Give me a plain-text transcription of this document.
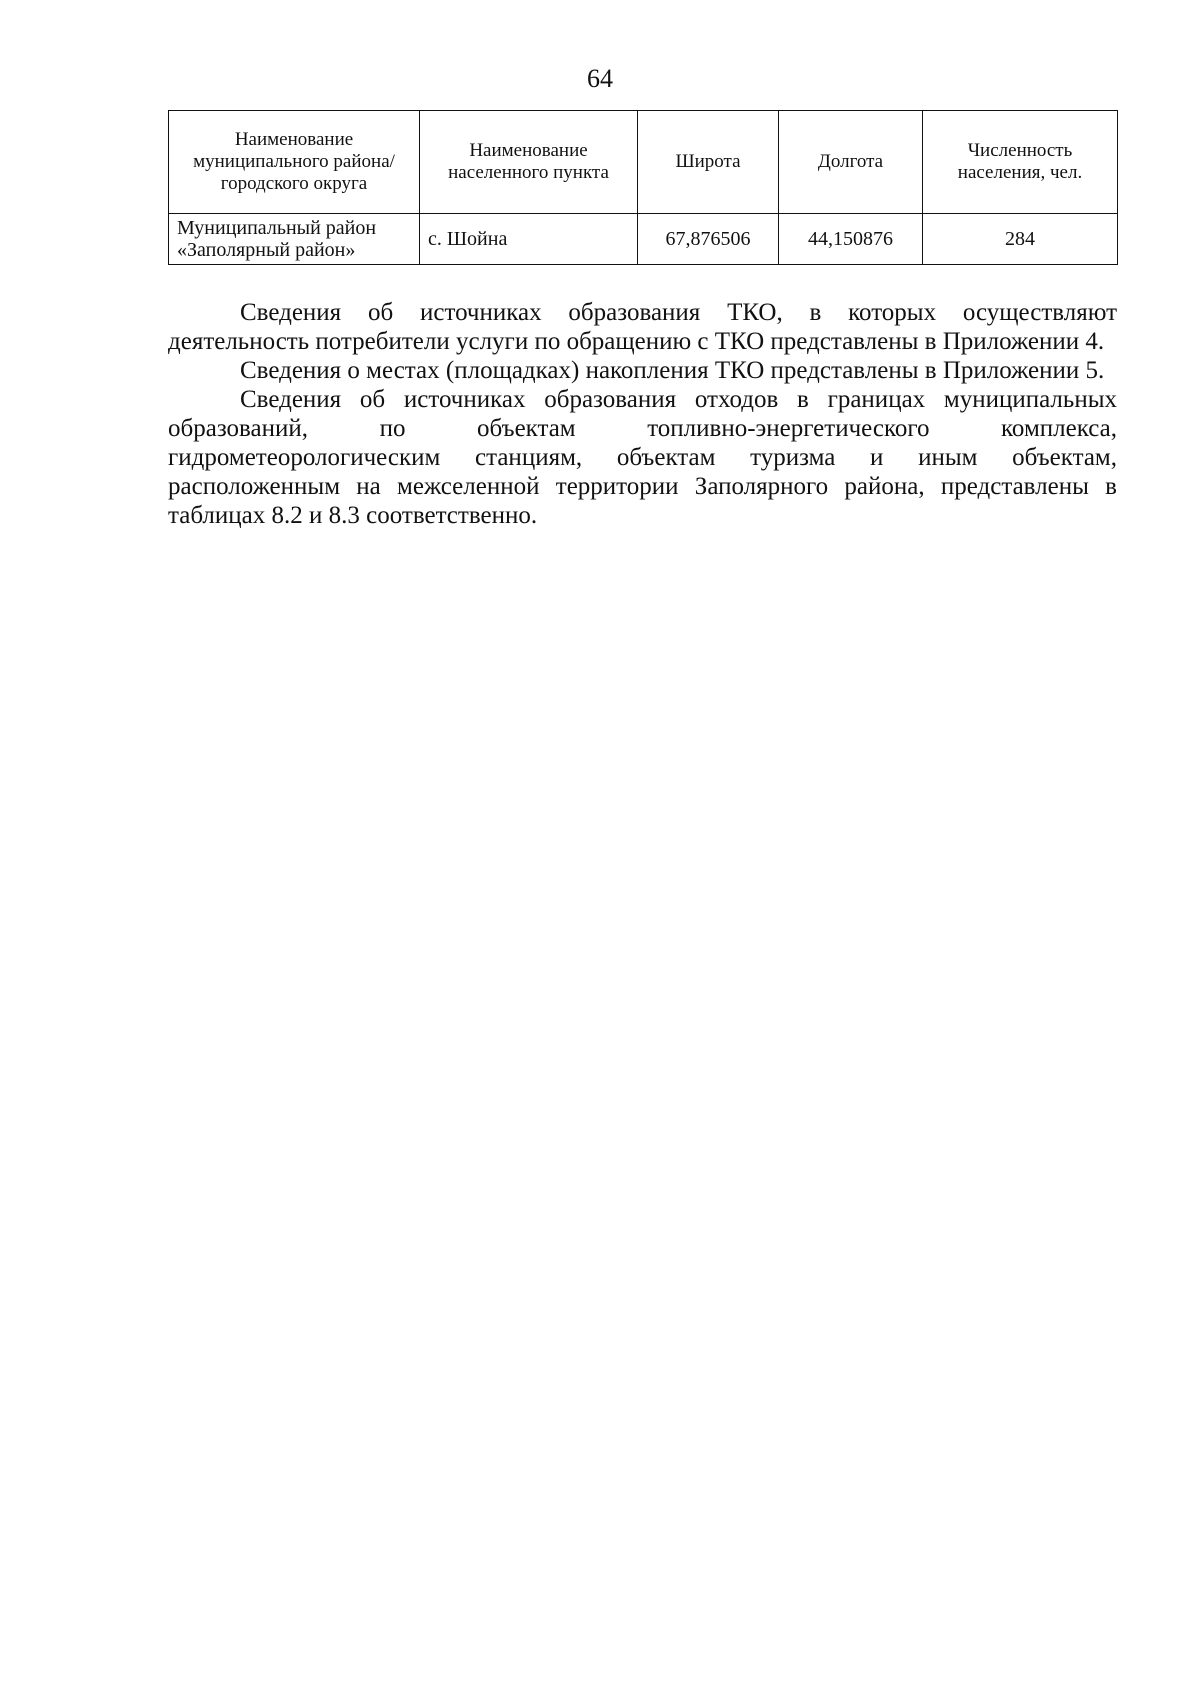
64
Наименование муниципального района/городского округа	Наименование населенного пункта	Широта	Долгота	Численность населения, чел.
Муниципальный район «Заполярный район»	с. Шойна	67,876506	44,150876	284

Сведения об источниках образования ТКО, в которых осуществляют деятельность потребители услуги по обращению с ТКО представлены в Приложении 4.

Сведения о местах (площадках) накопления ТКО представлены в Приложении 5.

Сведения об источниках образования отходов в границах муниципальных образований, по объектам топливно-энергетического комплекса, гидрометеорологическим станциям, объектам туризма и иным объектам, расположенным на межселенной территории Заполярного района, представлены в таблицах 8.2 и 8.3 соответственно.
